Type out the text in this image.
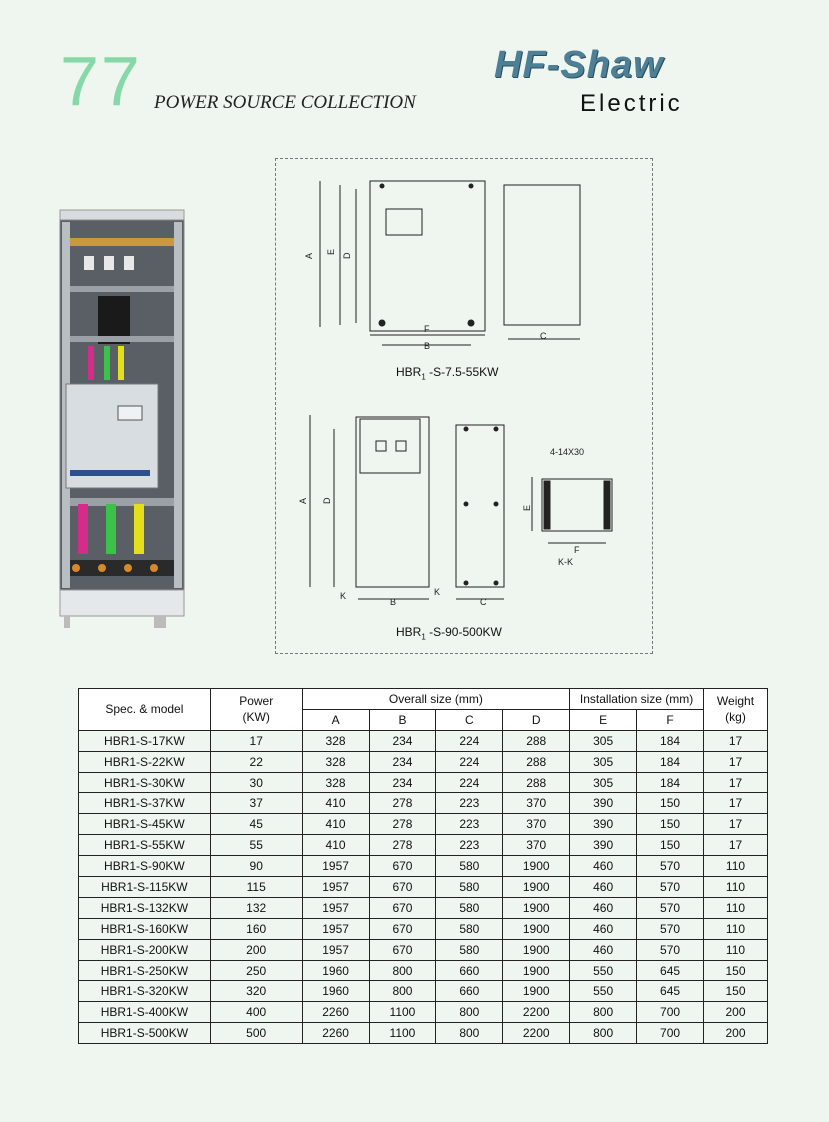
77 POWER SOURCE COLLECTION
HF-Shaw
Electric
A
E
D
F
B
C
A D
K	K
B	C
4-14X30
E
F
K-K
$HBR_1$ -S-7.5-55KW
$HBR_1$ -S-90-500KW
Spec. & model	Power
(KW)	Overall size (mm)				Installation size (mm)		Weight
(kg)
		A	B	C	D	E	F	
HBR1-S-17KW	17	328	234	224	288	305	184	17
HBR1-S-22KW	22	328	234	224	288	305	184	17
HBR1-S-30KW	30	328	234	224	288	305	184	17
HBR1-S-37KW	37	410	278	223	370	390	150	17
HBR1-S-45KW	45	410	278	223	370	390	150	17
HBR1-S-55KW	55	410	278	223	370	390	150	17
HBR1-S-90KW	90	1957	670	580	1900	460	570	110
HBR1-S-115KW	115	1957	670	580	1900	460	570	110
HBR1-S-132KW	132	1957	670	580	1900	460	570	110
HBR1-S-160KW	160	1957	670	580	1900	460	570	110
HBR1-S-200KW	200	1957	670	580	1900	460	570	110
HBR1-S-250KW	250	1960	800	660	1900	550	645	150
HBR1-S-320KW	320	1960	800	660	1900	550	645	150
HBR1-S-400KW	400	2260	1100	800	2200	800	700	200
HBR1-S-500KW	500	2260	1100	800	2200	800	700	200
